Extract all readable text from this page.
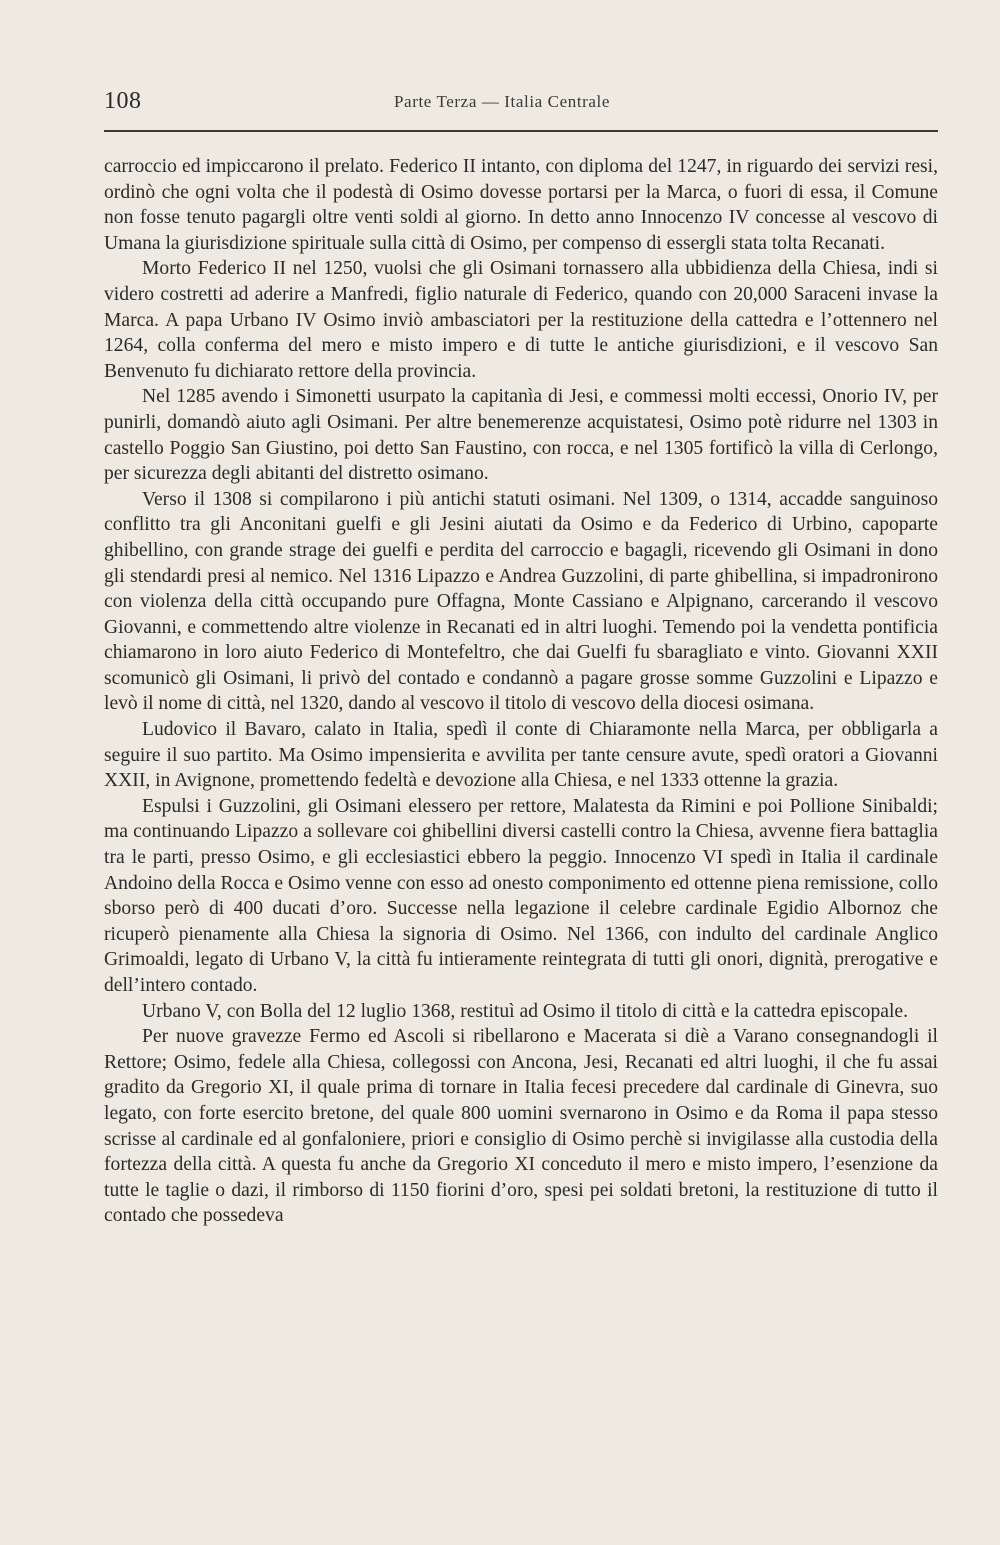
108	Parte Terza — Italia Centrale

carroccio ed impiccarono il prelato. Federico II intanto, con diploma del 1247, in riguardo dei servizi resi, ordinò che ogni volta che il podestà di Osimo dovesse portarsi per la Marca, o fuori di essa, il Comune non fosse tenuto pagargli oltre venti soldi al giorno. In detto anno Innocenzo IV concesse al vescovo di Umana la giurisdizione spirituale sulla città di Osimo, per compenso di essergli stata tolta Recanati.

Morto Federico II nel 1250, vuolsi che gli Osimani tornassero alla ubbidienza della Chiesa, indi si videro costretti ad aderire a Manfredi, figlio naturale di Federico, quando con 20,000 Saraceni invase la Marca. A papa Urbano IV Osimo inviò ambasciatori per la restituzione della cattedra e l’ottennero nel 1264, colla conferma del mero e misto impero e di tutte le antiche giurisdizioni, e il vescovo San Benvenuto fu dichiarato rettore della provincia.

Nel 1285 avendo i Simonetti usurpato la capitanìa di Jesi, e commessi molti eccessi, Onorio IV, per punirli, domandò aiuto agli Osimani. Per altre benemerenze acquistatesi, Osimo potè ridurre nel 1303 in castello Poggio San Giustino, poi detto San Faustino, con rocca, e nel 1305 fortificò la villa di Cerlongo, per sicurezza degli abitanti del distretto osimano.

Verso il 1308 si compilarono i più antichi statuti osimani. Nel 1309, o 1314, accadde sanguinoso conflitto tra gli Anconitani guelfi e gli Jesini aiutati da Osimo e da Federico di Urbino, capoparte ghibellino, con grande strage dei guelfi e perdita del carroccio e bagagli, ricevendo gli Osimani in dono gli stendardi presi al nemico. Nel 1316 Lipazzo e Andrea Guzzolini, di parte ghibellina, si impadronirono con violenza della città occupando pure Offagna, Monte Cassiano e Alpignano, carcerando il vescovo Giovanni, e commettendo altre violenze in Recanati ed in altri luoghi. Temendo poi la vendetta pontificia chiamarono in loro aiuto Federico di Montefeltro, che dai Guelfi fu sbaragliato e vinto. Giovanni XXII scomunicò gli Osimani, li privò del contado e condannò a pagare grosse somme Guzzolini e Lipazzo e levò il nome di città, nel 1320, dando al vescovo il titolo di vescovo della diocesi osimana.

Ludovico il Bavaro, calato in Italia, spedì il conte di Chiaramonte nella Marca, per obbligarla a seguire il suo partito. Ma Osimo impensierita e avvilita per tante censure avute, spedì oratori a Giovanni XXII, in Avignone, promettendo fedeltà e devozione alla Chiesa, e nel 1333 ottenne la grazia.

Espulsi i Guzzolini, gli Osimani elessero per rettore, Malatesta da Rimini e poi Pollione Sinibaldi; ma continuando Lipazzo a sollevare coi ghibellini diversi castelli contro la Chiesa, avvenne fiera battaglia tra le parti, presso Osimo, e gli ecclesiastici ebbero la peggio. Innocenzo VI spedì in Italia il cardinale Andoino della Rocca e Osimo venne con esso ad onesto componimento ed ottenne piena remissione, collo sborso però di 400 ducati d’oro. Successe nella legazione il celebre cardinale Egidio Albornoz che ricuperò pienamente alla Chiesa la signoria di Osimo. Nel 1366, con indulto del cardinale Anglico Grimoaldi, legato di Urbano V, la città fu intieramente reintegrata di tutti gli onori, dignità, prerogative e dell’intero contado.

Urbano V, con Bolla del 12 luglio 1368, restituì ad Osimo il titolo di città e la cattedra episcopale.

Per nuove gravezze Fermo ed Ascoli si ribellarono e Macerata si diè a Varano consegnandogli il Rettore; Osimo, fedele alla Chiesa, collegossi con Ancona, Jesi, Recanati ed altri luoghi, il che fu assai gradito da Gregorio XI, il quale prima di tornare in Italia fecesi precedere dal cardinale di Ginevra, suo legato, con forte esercito bretone, del quale 800 uomini svernarono in Osimo e da Roma il papa stesso scrisse al cardinale ed al gonfaloniere, priori e consiglio di Osimo perchè si invigilasse alla custodia della fortezza della città. A questa fu anche da Gregorio XI conceduto il mero e misto impero, l’esenzione da tutte le taglie o dazi, il rimborso di 1150 fiorini d’oro, spesi pei soldati bretoni, la restituzione di tutto il contado che possedeva
